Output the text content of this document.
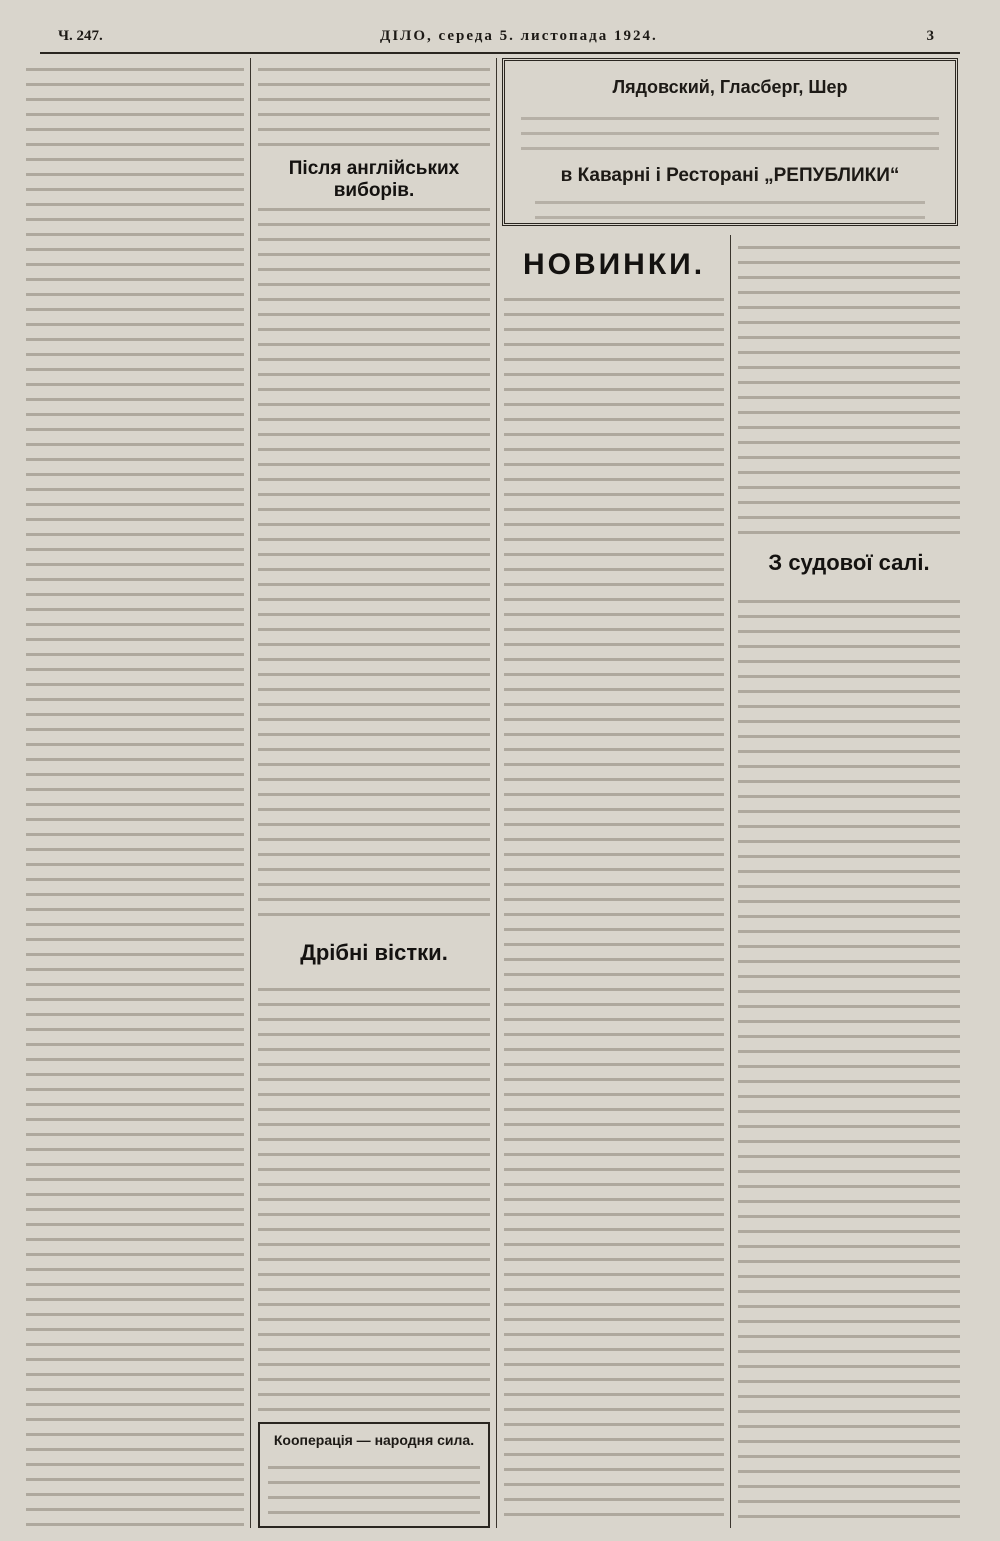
Ч. 247.	ДІЛО, середа 5. листопада 1924.	3
Після англійських виборів.
Дрібні вістки.
Кооперація — народня сила.
Лядовский, Гласберг, Шер
в Каварні і Ресторані „РЕПУБЛИКИ“
НОВИНКИ.
З судової салі.
